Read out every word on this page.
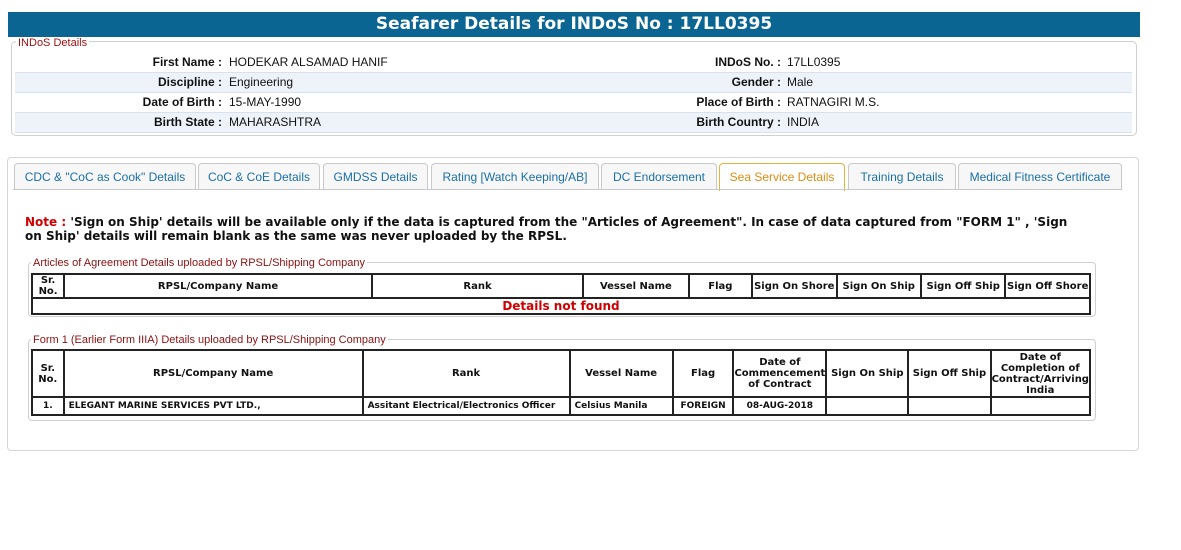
Seafarer Details for INDoS No : 17LL0395
INDoS Details
First Name : HODEKAR ALSAMAD HANIF	INDoS No. : 17LL0395
Discipline : Engineering	Gender : Male
Date of Birth : 15-MAY-1990	Place of Birth : RATNAGIRI M.S.
Birth State : MAHARASHTRA	Birth Country : INDIA
CDC & "CoC as Cook" Details	CoC & CoE Details	GMDSS Details	Rating [Watch Keeping/AB]	DC Endorsement	Sea Service Details	Training Details	Medical Fitness Certificate
Note : 'Sign on Ship' details will be available only if the data is captured from the "Articles of Agreement". In case of data captured from "FORM 1" , 'Sign on Ship' details will remain blank as the same was never uploaded by the RPSL.
Articles of Agreement Details uploaded by RPSL/Shipping Company
Sr. No.	RPSL/Company Name	Rank	Vessel Name	Flag	Sign On Shore	Sign On Ship	Sign Off Ship	Sign Off Shore
Details not found
Form 1 (Earlier Form IIIA) Details uploaded by RPSL/Shipping Company
Sr. No.	RPSL/Company Name	Rank	Vessel Name	Flag	Date of Commencement of Contract	Sign On Ship	Sign Off Ship	Date of Completion of Contract/Arriving India
1.	ELEGANT MARINE SERVICES PVT LTD.,	Assitant Electrical/Electronics Officer	Celsius Manila	FOREIGN	08-AUG-2018			
